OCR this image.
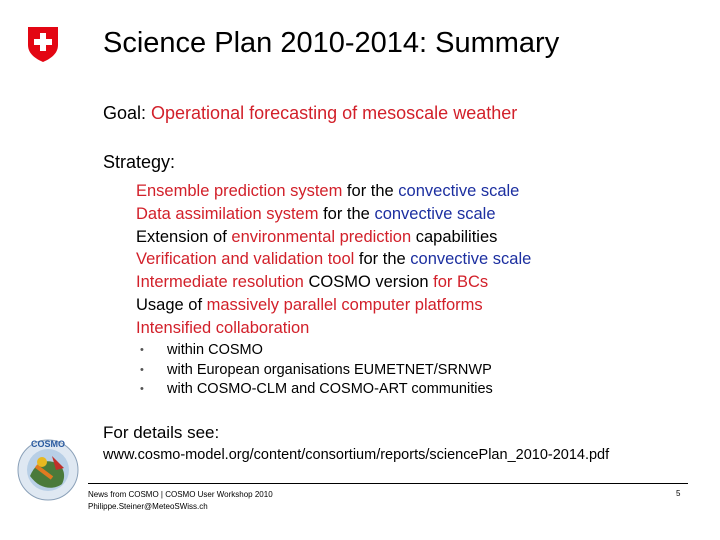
Science Plan 2010-2014: Summary
Goal: Operational forecasting of mesoscale weather
Strategy:
Ensemble prediction system for the convective scale
Data assimilation system for the convective scale
Extension of environmental prediction capabilities
Verification and validation tool for the convective scale
Intermediate resolution COSMO version for BCs
Usage of massively parallel computer platforms
Intensified collaboration
•	within COSMO
•	with European organisations EUMETNET/SRNWP
•	with COSMO-CLM and COSMO-ART communities
For details see:
www.cosmo-model.org/content/consortium/reports/sciencePlan_2010-2014.pdf
COSMO
News from COSMO | COSMO User Workshop 2010
Philippe.Steiner@MeteoSWiss.ch
5
